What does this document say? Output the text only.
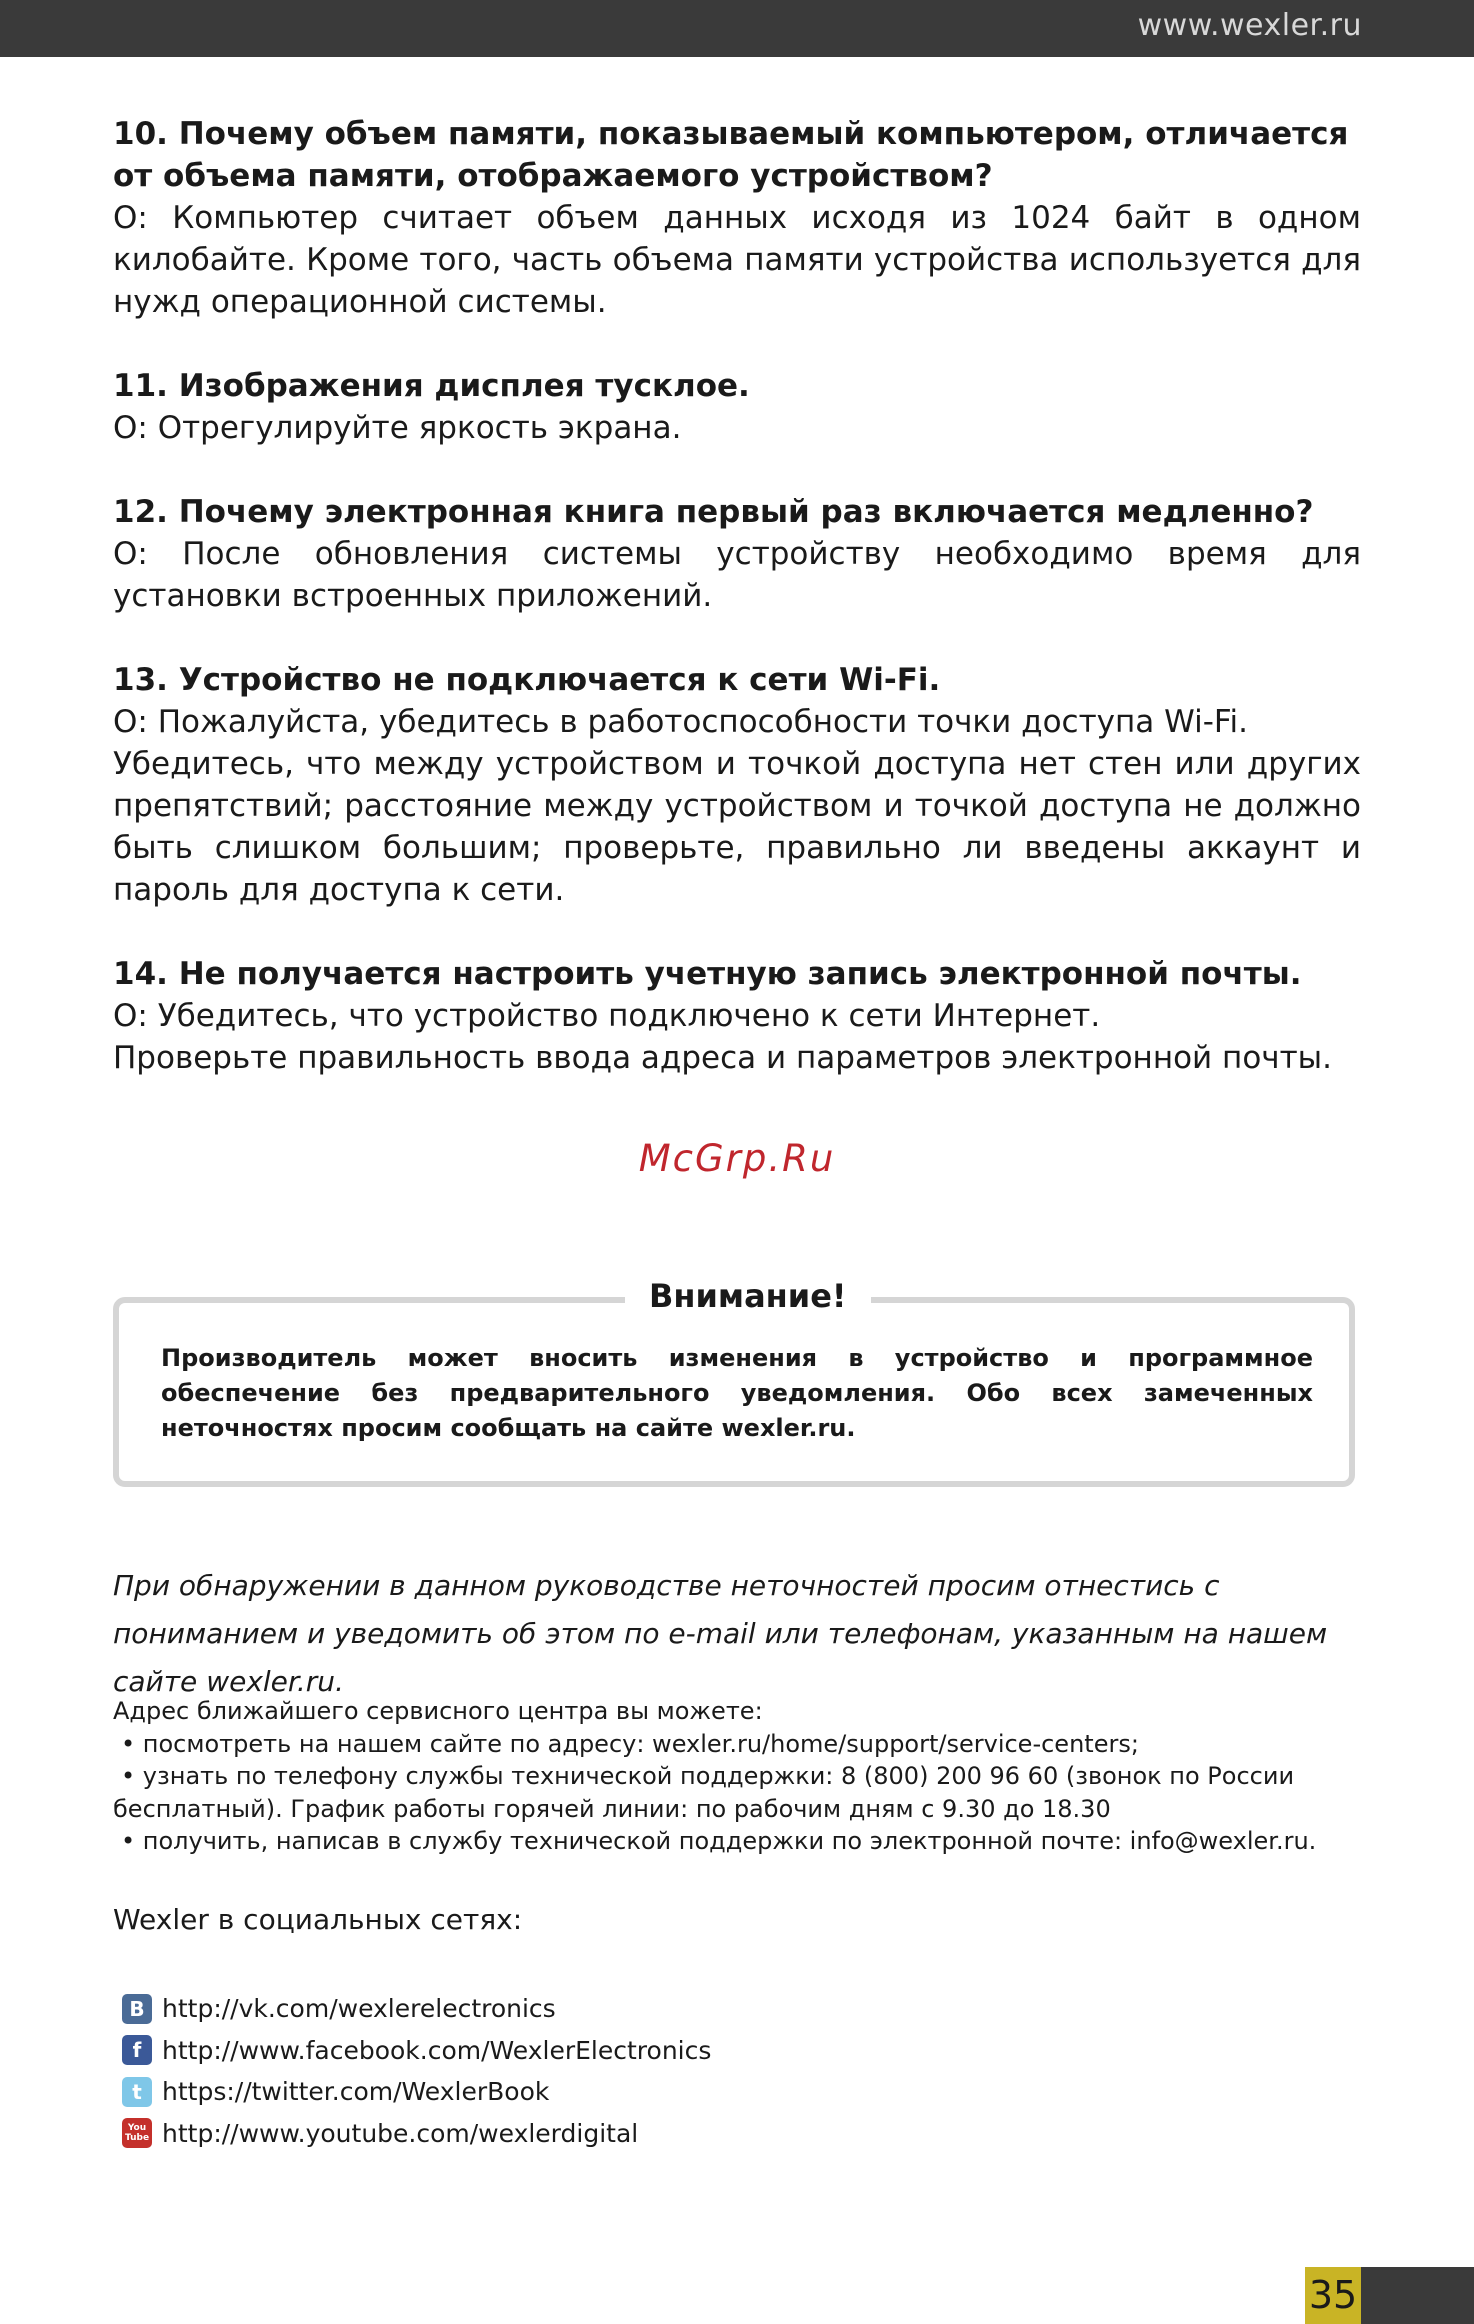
www.wexler.ru
10. Почему объем памяти, показываемый компьютером, отличается от объема памяти, отображаемого устройством?
О: Компьютер считает объем данных исходя из 1024 байт в одном килобайте. Кроме того, часть объема памяти устройства используется для нужд операционной системы.
11. Изображения дисплея тусклое.
О: Отрегулируйте яркость экрана.
12. Почему электронная книга первый раз включается медленно?
О: После обновления системы устройству необходимо время для установки встроенных приложений.
13. Устройство не подключается к сети Wi-Fi.
О: Пожалуйста, убедитесь в работоспособности точки доступа Wi-Fi.
Убедитесь, что между устройством и точкой доступа нет стен или других препятствий; расстояние между устройством и точкой доступа не должно быть слишком большим; проверьте, правильно ли введены аккаунт и пароль для доступа к сети.
14. Не получается настроить учетную запись электронной почты.
О: Убедитесь, что устройство подключено к сети Интернет.
Проверьте правильность ввода адреса и параметров электронной почты.
McGrp.Ru
Внимание!
Производитель может вносить изменения в устройство и программное обеспечение без предварительного уведомления. Обо всех замеченных неточностях просим сообщать на сайте wexler.ru.
При обнаружении в данном руководстве неточностей просим отнестись с пониманием и уведомить об этом по e-mail или телефонам, указанным на нашем сайте wexler.ru.
Адрес ближайшего сервисного центра вы можете:
• посмотреть на нашем сайте по адресу: wexler.ru/home/support/service-centers;
• узнать по телефону службы технической поддержки: 8 (800) 200 96 60 (звонок по России
бесплатный). График работы горячей линии: по рабочим дням с 9.30 до 18.30
• получить, написав в службу технической поддержки по электронной почте: info@wexler.ru.
Wexler в социальных сетях:
B http://vk.com/wexlerelectronics
f http://www.facebook.com/WexlerElectronics
t https://twitter.com/WexlerBook
You Tube http://www.youtube.com/wexlerdigital
35
